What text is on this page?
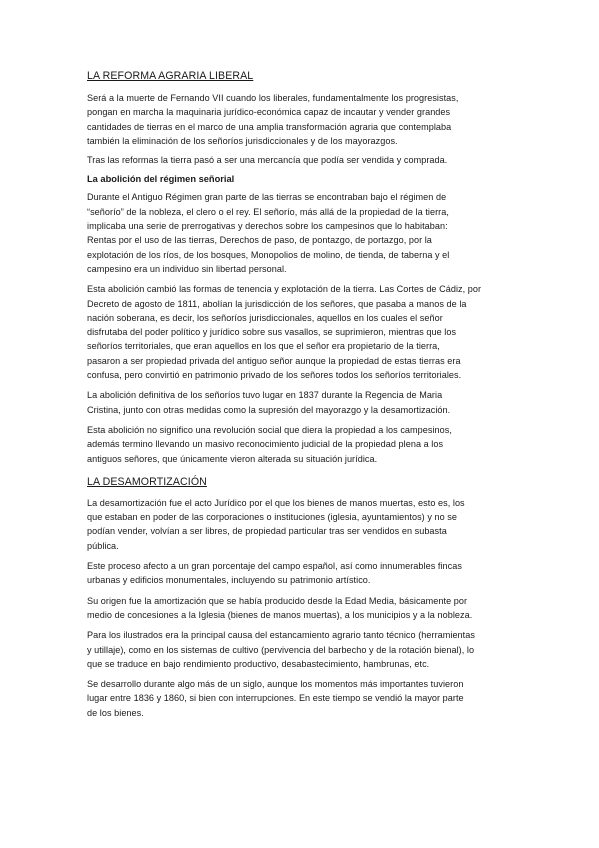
LA REFORMA AGRARIA LIBERAL
Será a la muerte de Fernando VII cuando los liberales, fundamentalmente los progresistas,
pongan en marcha la maquinaria jurídico-económica capaz de incautar y vender grandes
cantidades de tierras en el marco de una amplia transformación agraria que contemplaba
también la eliminación de los señoríos jurisdiccionales y de los mayorazgos.
Tras las reformas la tierra pasó a ser una mercancía que podía ser vendida y comprada.
La abolición del régimen señorial
Durante el Antiguo Régimen gran parte de las tierras se encontraban bajo el régimen de
“señorío” de la nobleza, el clero o el rey. El señorío, más allá de la propiedad de la tierra,
implicaba una serie de prerrogativas y derechos sobre los campesinos que lo habitaban:
Rentas por el uso de las tierras, Derechos de paso, de pontazgo, de portazgo, por la
explotación de los ríos, de los bosques, Monopolios de molino, de tienda, de taberna y el
campesino era un individuo sin libertad personal.
Esta abolición cambió las formas de tenencia y explotación de la tierra. Las Cortes de Cádiz, por
Decreto de agosto de 1811, abolían la jurisdicción de los señores, que pasaba a manos de la
nación soberana, es decir, los señoríos jurisdiccionales, aquellos en los cuales el señor
disfrutaba del poder político y jurídico sobre sus vasallos, se suprimieron, mientras que los
señoríos territoriales, que eran aquellos en los que el señor era propietario de la tierra,
pasaron a ser propiedad privada del antiguo señor aunque la propiedad de estas tierras era
confusa, pero convirtió en patrimonio privado de los señores todos los señoríos territoriales.
La abolición definitiva de los señoríos tuvo lugar en 1837 durante la Regencia de Maria
Cristina, junto con otras medidas como la supresión del mayorazgo y la desamortización.
Esta abolición no significo una revolución social que diera la propiedad a los campesinos,
además termino llevando un masivo reconocimiento judicial de la propiedad plena a los
antiguos señores, que únicamente vieron alterada su situación jurídica.
LA DESAMORTIZACIÓN
La desamortización fue el acto Jurídico por el que los bienes de manos muertas, esto es, los
que estaban en poder de las corporaciones o instituciones (iglesia, ayuntamientos) y no se
podían vender, volvían a ser libres, de propiedad particular tras ser vendidos en subasta
pública.
Este proceso afecto a un gran porcentaje del campo español, así como innumerables fincas
urbanas y edificios monumentales, incluyendo su patrimonio artístico.
Su origen fue la amortización que se había producido desde la Edad Media, básicamente por
medio de concesiones a la Iglesia (bienes de manos muertas), a los municipios y a la nobleza.
Para los ilustrados era la principal causa del estancamiento agrario tanto técnico (herramientas
y utillaje), como en los sistemas de cultivo (pervivencia del barbecho y de la rotación bienal), lo
que se traduce en bajo rendimiento productivo, desabastecimiento, hambrunas, etc.
Se desarrollo durante algo más de un siglo, aunque los momentos más importantes tuvieron
lugar entre 1836 y 1860, si bien con interrupciones. En este tiempo se vendió la mayor parte
de los bienes.
